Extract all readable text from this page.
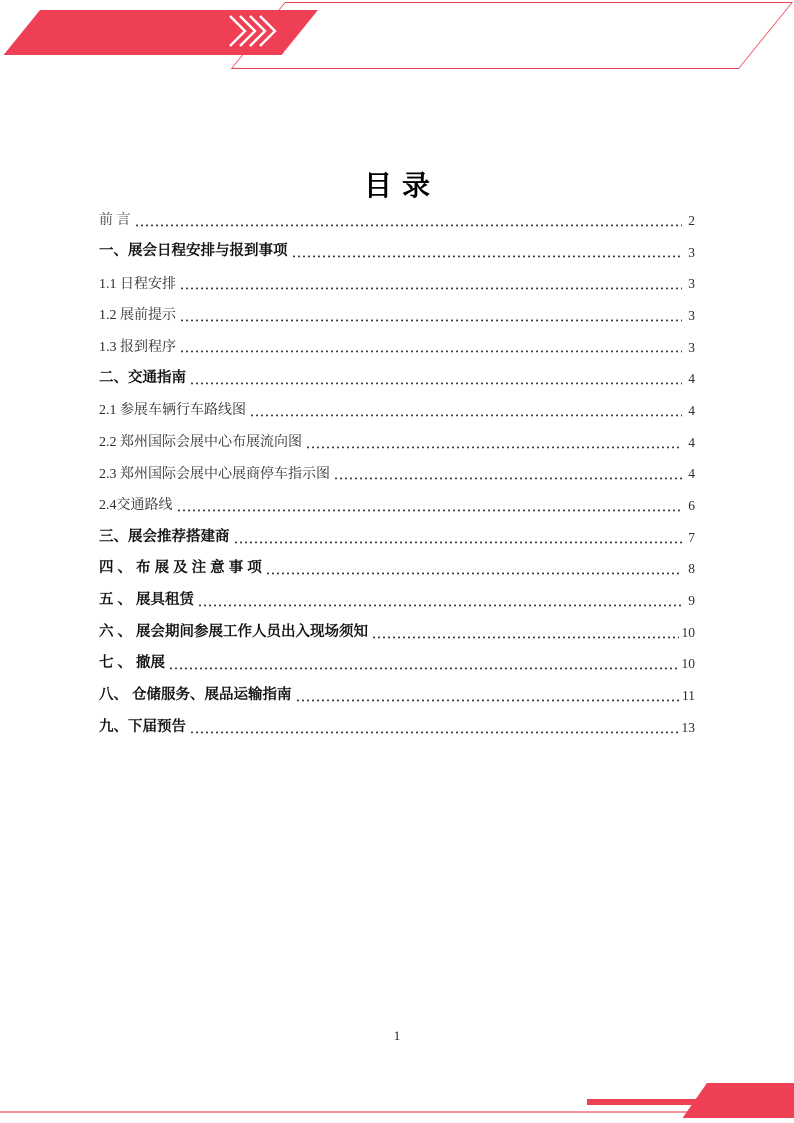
目录
前 言	2
一、展会日程安排与报到事项	3
1.1 日程安排	3
1.2 展前提示	3
1.3 报到程序	3
二、交通指南	4
2.1 参展车辆行车路线图	4
2.2 郑州国际会展中心布展流向图	4
2.3 郑州国际会展中心展商停车指示图	4
2.4交通路线	6
三、展会推荐搭建商	7
四 、 布 展 及 注 意 事 项	8
五 、 展具租赁	9
六 、 展会期间参展工作人员出入现场须知	10
七 、 撤展	10
八、 仓储服务、展品运输指南	11
九、下届预告	13
1
